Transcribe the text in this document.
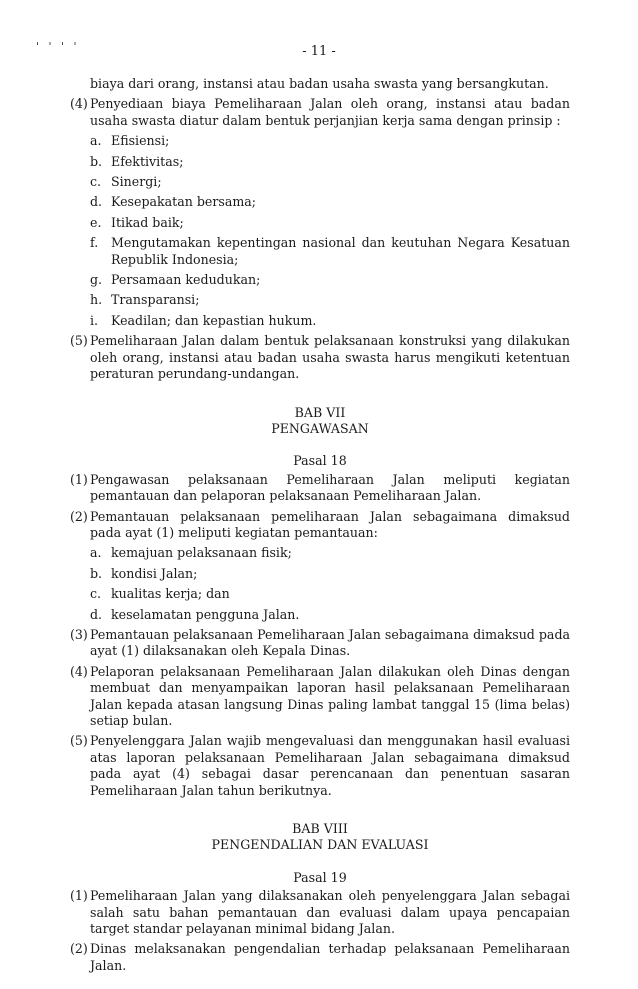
' ' ' '	- 11 -

biaya dari orang, instansi atau badan usaha swasta yang bersangkutan.

(4) Penyediaan biaya Pemeliharaan Jalan oleh orang, instansi atau badan usaha swasta diatur dalam bentuk perjanjian kerja sama dengan prinsip :
a. Efisiensi;
b. Efektivitas;
c. Sinergi;
d. Kesepakatan bersama;
e. Itikad baik;
f.	Mengutamakan kepentingan nasional dan keutuhan Negara Kesatuan Republik Indonesia;
g. Persamaan kedudukan;
h. Transparansi;
i.	Keadilan; dan kepastian hukum.
(5) Pemeliharaan Jalan dalam bentuk pelaksanaan konstruksi yang dilakukan oleh orang, instansi atau badan usaha swasta harus mengikuti ketentuan peraturan perundang-undangan.

BAB VII

PENGAWASAN

Pasal 18

(1) Pengawasan pelaksanaan Pemeliharaan Jalan meliputi kegiatan pemantauan dan pelaporan pelaksanaan Pemeliharaan Jalan.
(2) Pemantauan pelaksanaan pemeliharaan Jalan sebagaimana dimaksud pada ayat (1) meliputi kegiatan pemantauan:
a. kemajuan pelaksanaan fisik;
b. kondisi Jalan;
c. kualitas kerja; dan
d. keselamatan pengguna Jalan.
(3) Pemantauan pelaksanaan Pemeliharaan Jalan sebagaimana dimaksud pada ayat (1) dilaksanakan oleh Kepala Dinas.
(4) Pelaporan pelaksanaan Pemeliharaan Jalan dilakukan oleh Dinas dengan membuat dan menyampaikan laporan hasil pelaksanaan Pemeliharaan Jalan kepada atasan langsung Dinas paling lambat tanggal 15 (lima belas) setiap bulan.
(5) Penyelenggara Jalan wajib mengevaluasi dan menggunakan hasil evaluasi atas laporan pelaksanaan Pemeliharaan Jalan sebagaimana dimaksud pada ayat (4) sebagai dasar perencanaan dan penentuan sasaran Pemeliharaan Jalan tahun berikutnya.

BAB VIII

PENGENDALIAN DAN EVALUASI

Pasal 19

(1) Pemeliharaan Jalan yang dilaksanakan oleh penyelenggara Jalan sebagai salah satu bahan pemantauan dan evaluasi dalam upaya pencapaian target standar pelayanan minimal bidang Jalan.
(2) Dinas melaksanakan pengendalian terhadap pelaksanaan Pemeliharaan Jalan.
